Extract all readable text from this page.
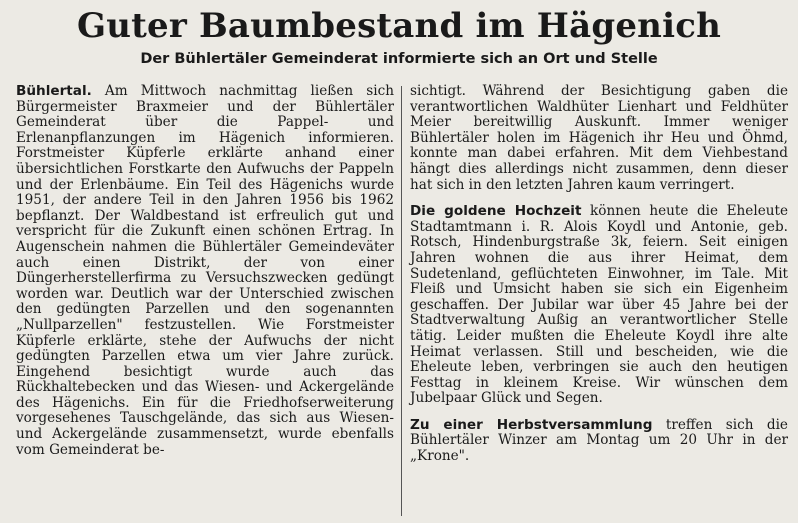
Guter Baumbestand im Hägenich
Der Bühlertäler Gemeinderat informierte sich an Ort und Stelle

Bühlertal. Am Mittwoch nachmittag ließen sich Bürgermeister Braxmeier und der Bühlertäler Gemeinderat über die Pappel- und Erlenanpflanzungen im Hägenich informieren. Forstmeister Küpferle erklärte anhand einer übersichtlichen Forstkarte den Aufwuchs der Pappeln und der Erlenbäume. Ein Teil des Hägenichs wurde 1951, der andere Teil in den Jahren 1956 bis 1962 bepflanzt. Der Waldbestand ist erfreulich gut und verspricht für die Zukunft einen schönen Ertrag. In Augenschein nahmen die Bühlertäler Gemeindeväter auch einen Distrikt, der von einer Düngerherstellerfirma zu Versuchszwecken gedüngt worden war. Deutlich war der Unterschied zwischen den gedüngten Parzellen und den sogenannten „Nullparzellen" festzustellen. Wie Forstmeister Küpferle erklärte, stehe der Aufwuchs der nicht gedüngten Parzellen etwa um vier Jahre zurück. Eingehend besichtigt wurde auch das Rückhaltebecken und das Wiesen- und Ackergelände des Hägenichs. Ein für die Friedhofserweiterung vorgesehenes Tauschgelände, das sich aus Wiesen- und Ackergelände zusammensetzt, wurde ebenfalls vom Gemeinderat be-

sichtigt. Während der Besichtigung gaben die verantwortlichen Waldhüter Lienhart und Feldhüter Meier bereitwillig Auskunft. Immer weniger Bühlertäler holen im Hägenich ihr Heu und Öhmd, konnte man dabei erfahren. Mit dem Viehbestand hängt dies allerdings nicht zusammen, denn dieser hat sich in den letzten Jahren kaum verringert.

Die goldene Hochzeit können heute die Eheleute Stadtamtmann i. R. Alois Koydl und Antonie, geb. Rotsch, Hindenburgstraße 3k, feiern. Seit einigen Jahren wohnen die aus ihrer Heimat, dem Sudetenland, geflüchteten Einwohner, im Tale. Mit Fleiß und Umsicht haben sie sich ein Eigenheim geschaffen. Der Jubilar war über 45 Jahre bei der Stadtverwaltung Außig an verantwortlicher Stelle tätig. Leider mußten die Eheleute Koydl ihre alte Heimat verlassen. Still und bescheiden, wie die Eheleute leben, verbringen sie auch den heutigen Festtag in kleinem Kreise. Wir wünschen dem Jubelpaar Glück und Segen.

Zu einer Herbstversammlung treffen sich die Bühlertäler Winzer am Montag um 20 Uhr in der „Krone".
